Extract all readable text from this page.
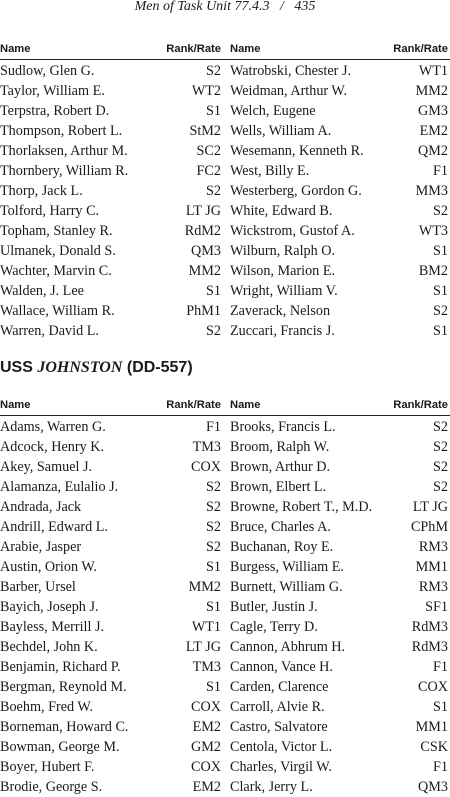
Men of Task Unit 77.4.3 / 435
Name	Rank/Rate Name	Rank/Rate
Sudlow, Glen G.	S2 Watrobski, Chester J.	WT1
Taylor, William E.	WT2 Weidman, Arthur W.	MM2
Terpstra, Robert D.	S1 Welch, Eugene	GM3
Thompson, Robert L.	StM2 Wells, William A.	EM2
Thorlaksen, Arthur M.	SC2 Wesemann, Kenneth R.	QM2
Thornbery, William R.	FC2 West, Billy E.	F1
Thorp, Jack L.	S2 Westerberg, Gordon G.	MM3
Tolford, Harry C.	LT JG White, Edward B.	S2
Topham, Stanley R.	RdM2 Wickstrom, Gustof A.	WT3
Ulmanek, Donald S.	QM3 Wilburn, Ralph O.	S1
Wachter, Marvin C.	MM2 Wilson, Marion E.	BM2
Walden, J. Lee	S1 Wright, William V.	S1
Wallace, William R.	PhM1 Zaverack, Nelson	S2
Warren, David L.	S2 Zuccari, Francis J.	S1
USS JOHNSTON (DD-557)
Name	Rank/Rate Name	Rank/Rate
Adams, Warren G.	F1 Brooks, Francis L.	S2
Adcock, Henry K.	TM3 Broom, Ralph W.	S2
Akey, Samuel J.	COX Brown, Arthur D.	S2
Alamanza, Eulalio J.	S2 Brown, Elbert L.	S2
Andrada, Jack	S2 Browne, Robert T., M.D.	LT JG
Andrill, Edward L.	S2 Bruce, Charles A.	CPhM
Arabie, Jasper	S2 Buchanan, Roy E.	RM3
Austin, Orion W.	S1 Burgess, William E.	MM1
Barber, Ursel	MM2 Burnett, William G.	RM3
Bayich, Joseph J.	S1 Butler, Justin J.	SF1
Bayless, Merrill J.	WT1 Cagle, Terry D.	RdM3
Bechdel, John K.	LT JG Cannon, Abhrum H.	RdM3
Benjamin, Richard P.	TM3 Cannon, Vance H.	F1
Bergman, Reynold M.	S1 Carden, Clarence	COX
Boehm, Fred W.	COX Carroll, Alvie R.	S1
Borneman, Howard C.	EM2 Castro, Salvatore	MM1
Bowman, George M.	GM2 Centola, Victor L.	CSK
Boyer, Hubert F.	COX Charles, Virgil W.	F1
Brodie, George S.	EM2 Clark, Jerry L.	QM3
